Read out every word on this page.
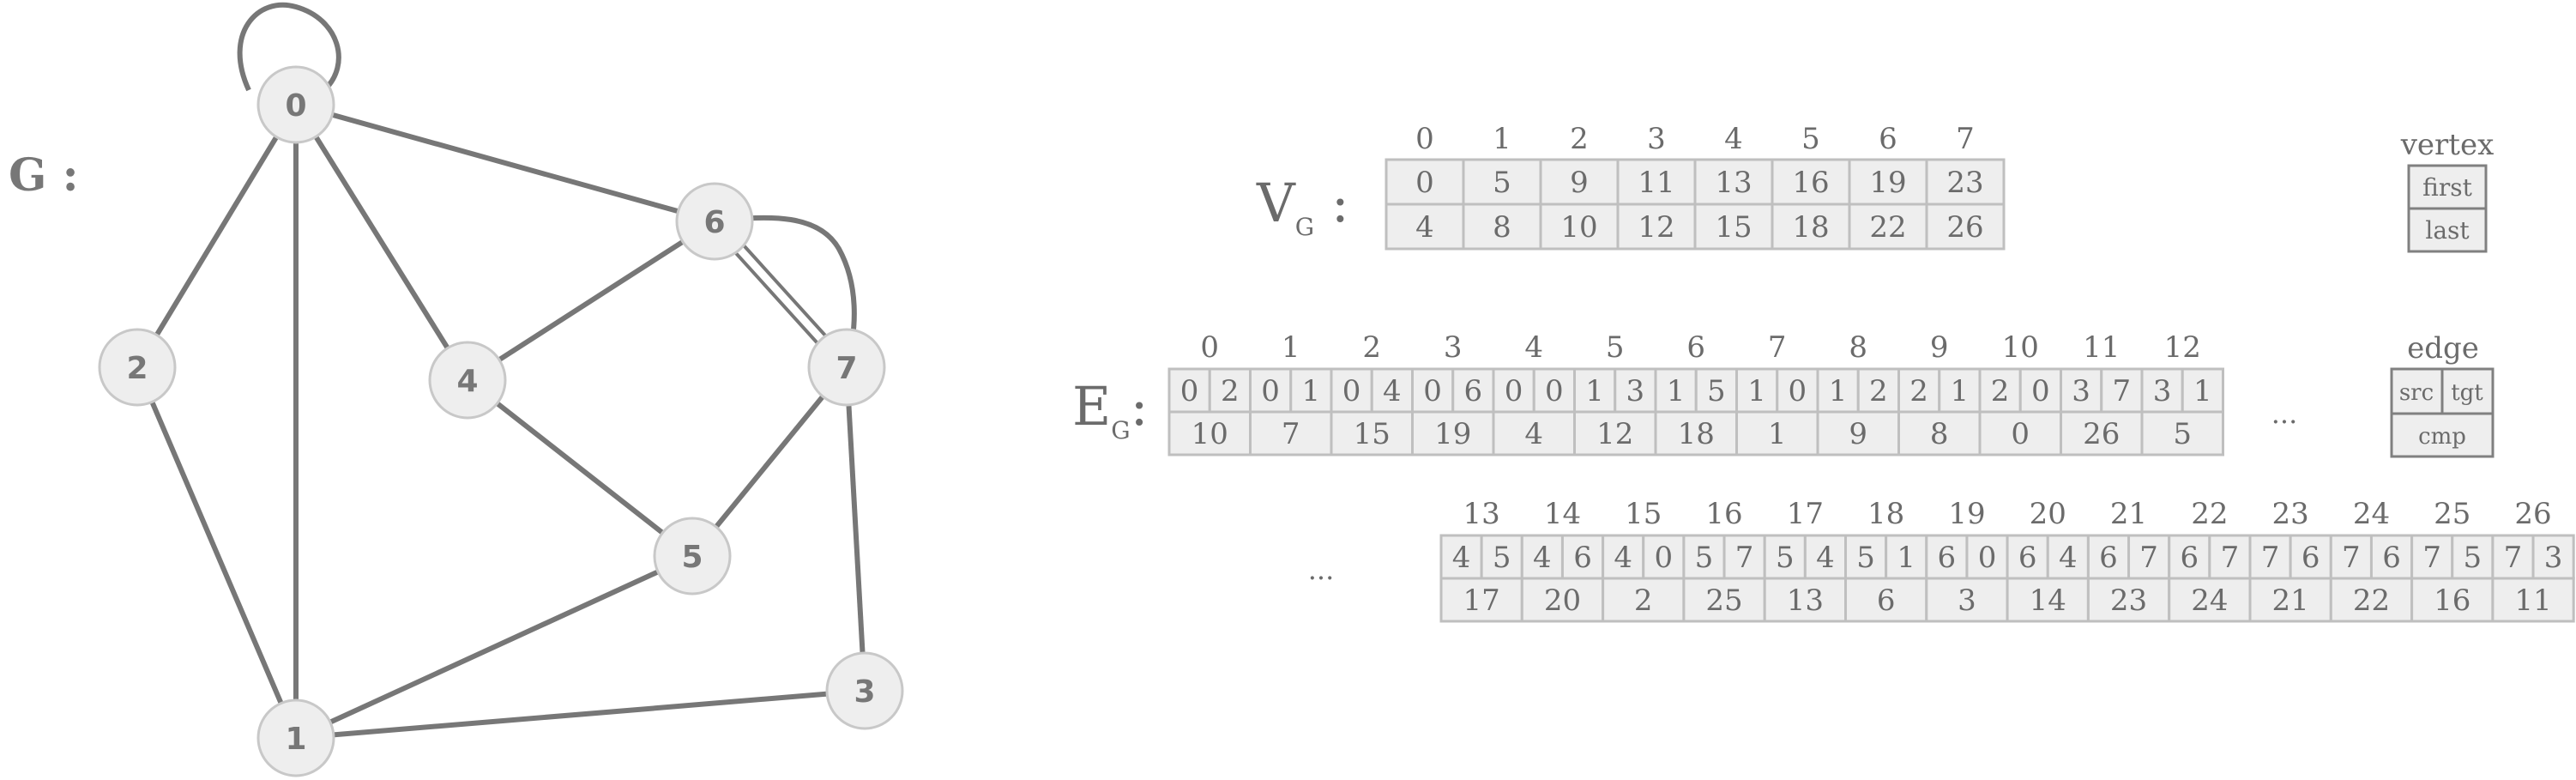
G :
0
1
2
3
4
5
6
7
$V_G$ :
0 1 2 3 4 5 6 7
0 5 9 11 13 16 19 23
4 8 10 12 15 18 22 26
$E_G$:
0 1 2 3 4 5 6 7 8 9 10 11 12
0 2 0 1 0 4 0 6 0 0 1 3 1 5 1 0 1 2 2 1 2 0 3 7 3 1
10 7 15 19 4 12 18 1 9 8 0 26 5
13 14 15 16 17 18 19 20 21 22 23 24 25 26
4 5 4 6 4 0 5 7 5 4 5 1 6 0 6 4 6 7 6 7 7 6 7 6 7 5 7 3
17 20 2 25 13 6 3 14 23 24 21 22 16 11
...
...
vertex
first
last
edge
src tgt
cmp
